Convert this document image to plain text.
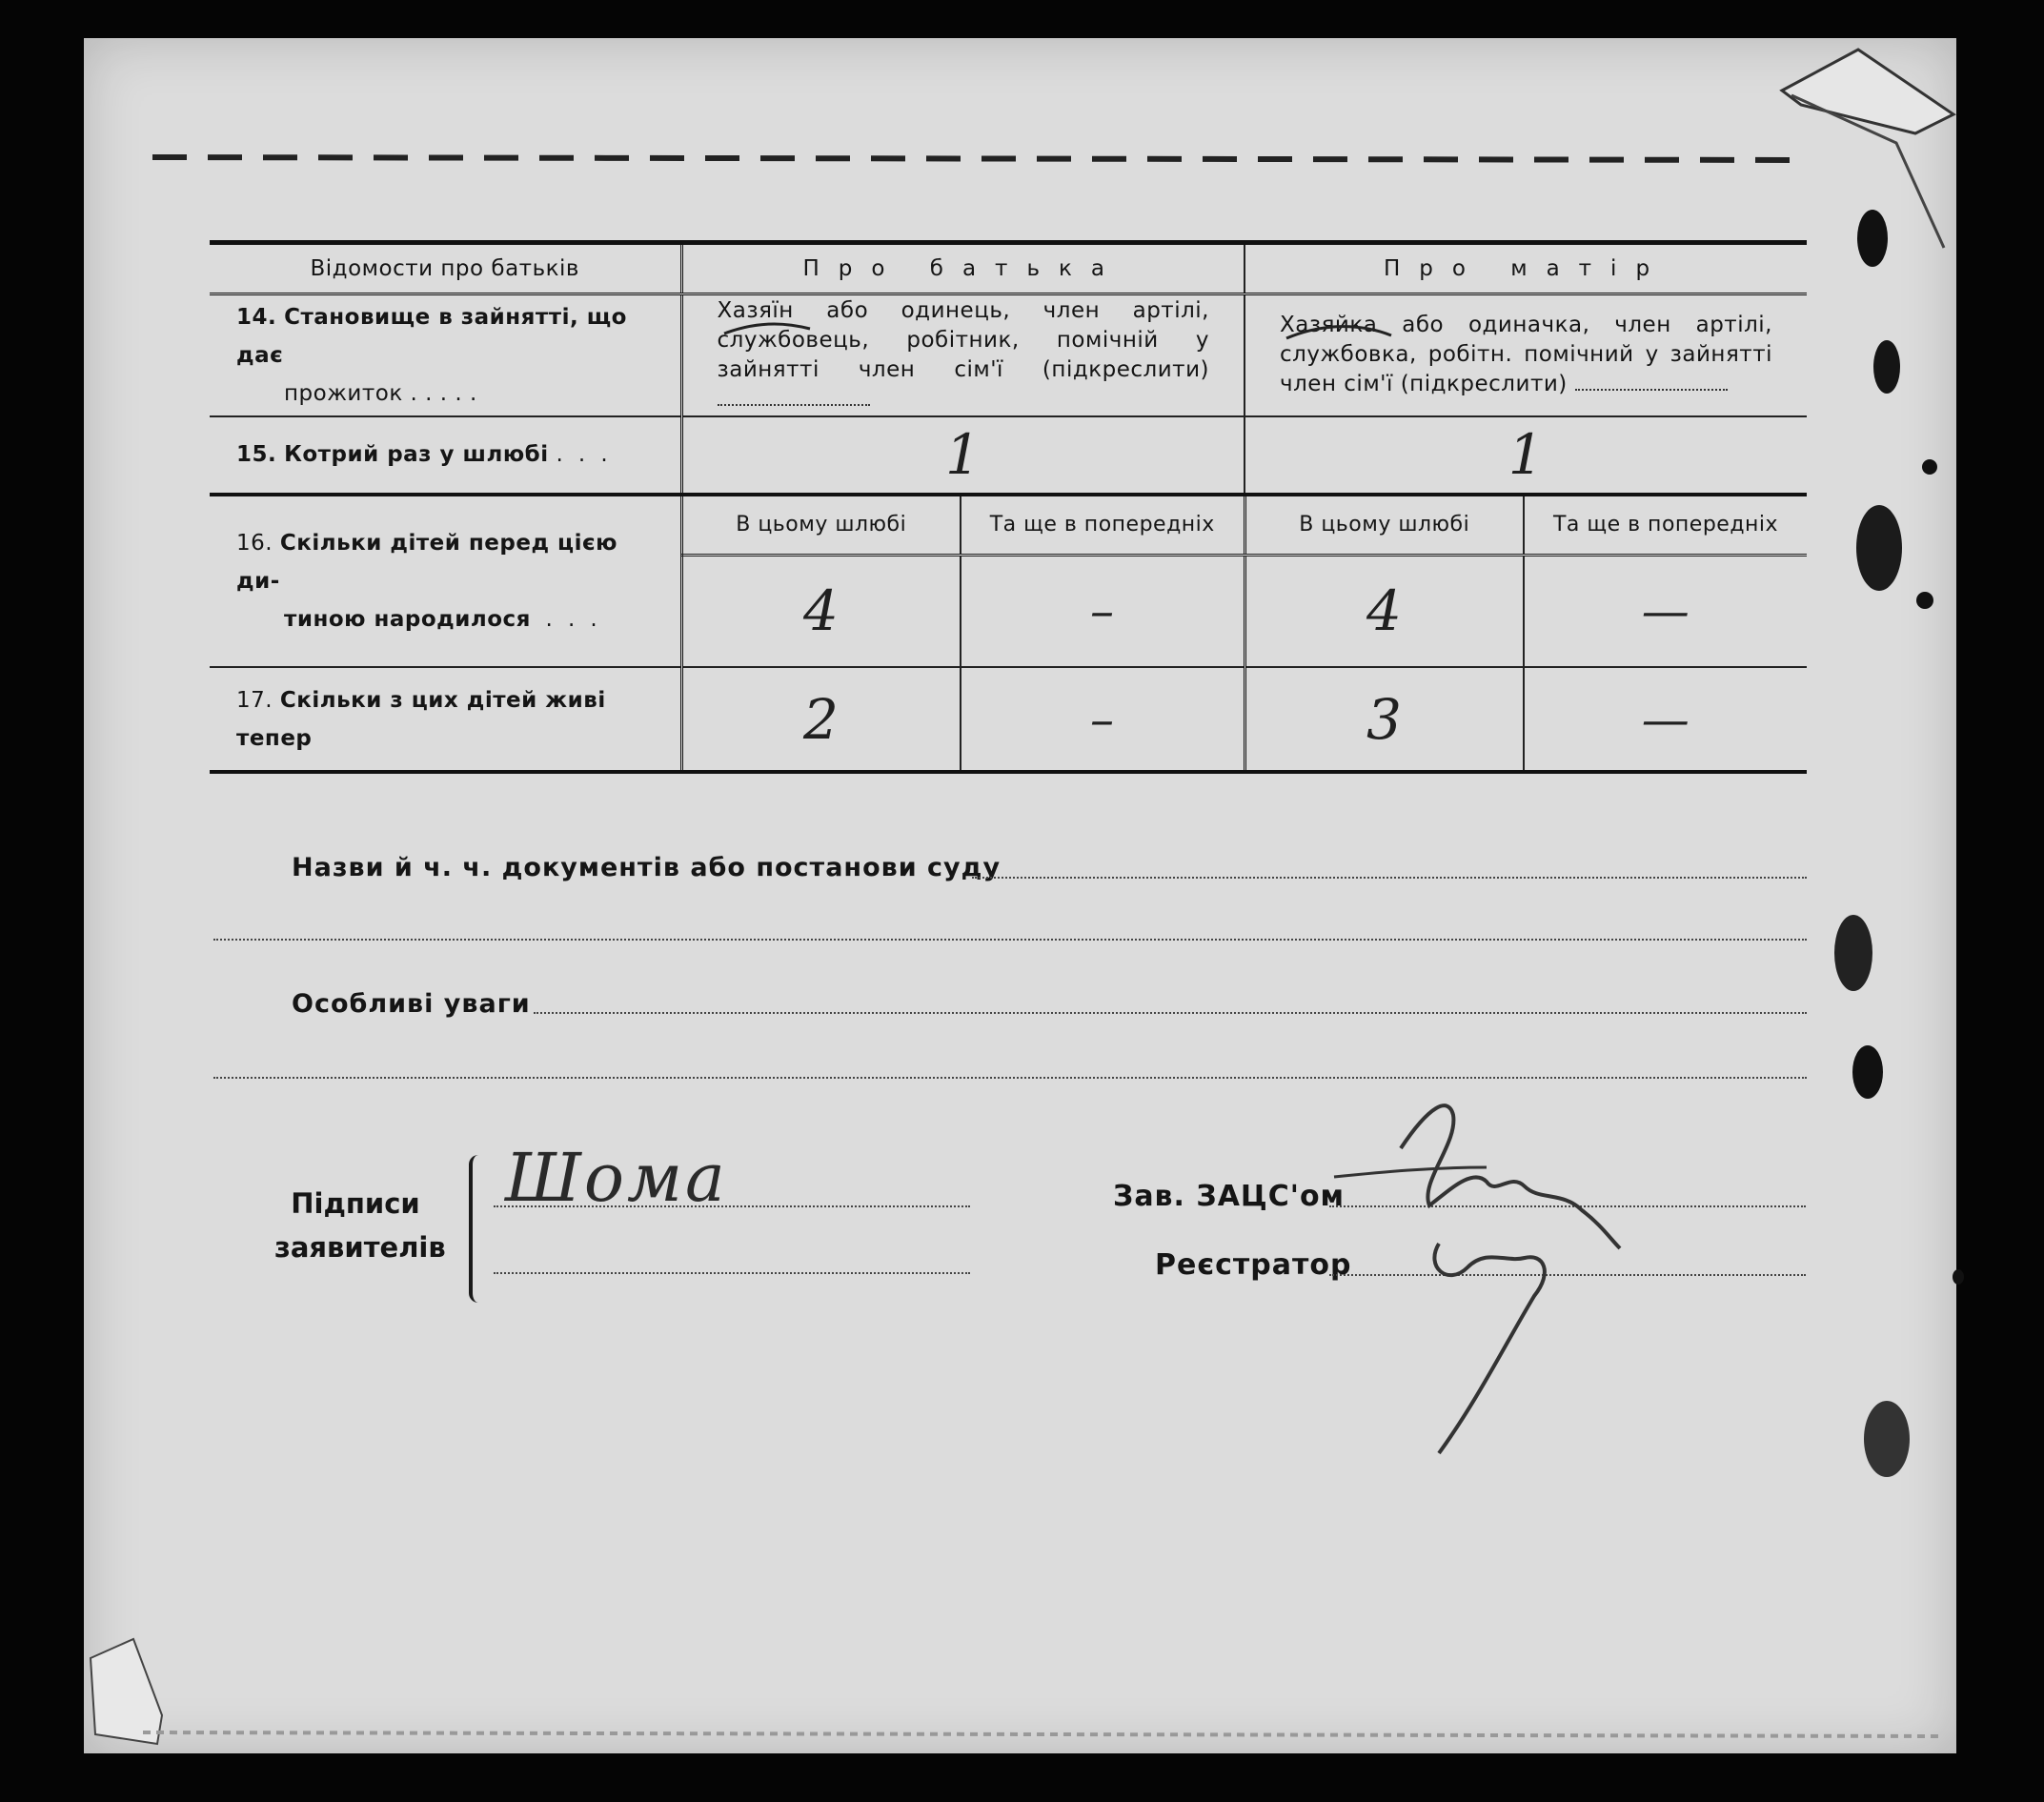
Відомости про батьків	Про батька		Про матір	
14. Становище в зайнятті, що дає
прожиток . . . . .	Хазяїн або одинець, член артілі, службовець, робітник, помічній у зайнятті член сім'ї (підкреслити)		Хазяйка або одиначка, член артілі, службовка, робітн. помічний у зайнятті член сім'ї (підкреслити)	
15. Котрий раз у шлюбі .  .  .	1		1	
16. Скільки дітей перед цією ди-
тиною народилося  .  .  .	В цьому шлюбі	Та ще в попередніх	В цьому шлюбі	Та ще в попередніх
	4	–	4	—
17. Скільки з цих дітей живі тепер	2	–	3	—
Назви й ч. ч. документів або постанови суду
Особливі уваги
Підписи
заявителів
Шома	Зав. ЗАЦС'ом
Реєстратор
